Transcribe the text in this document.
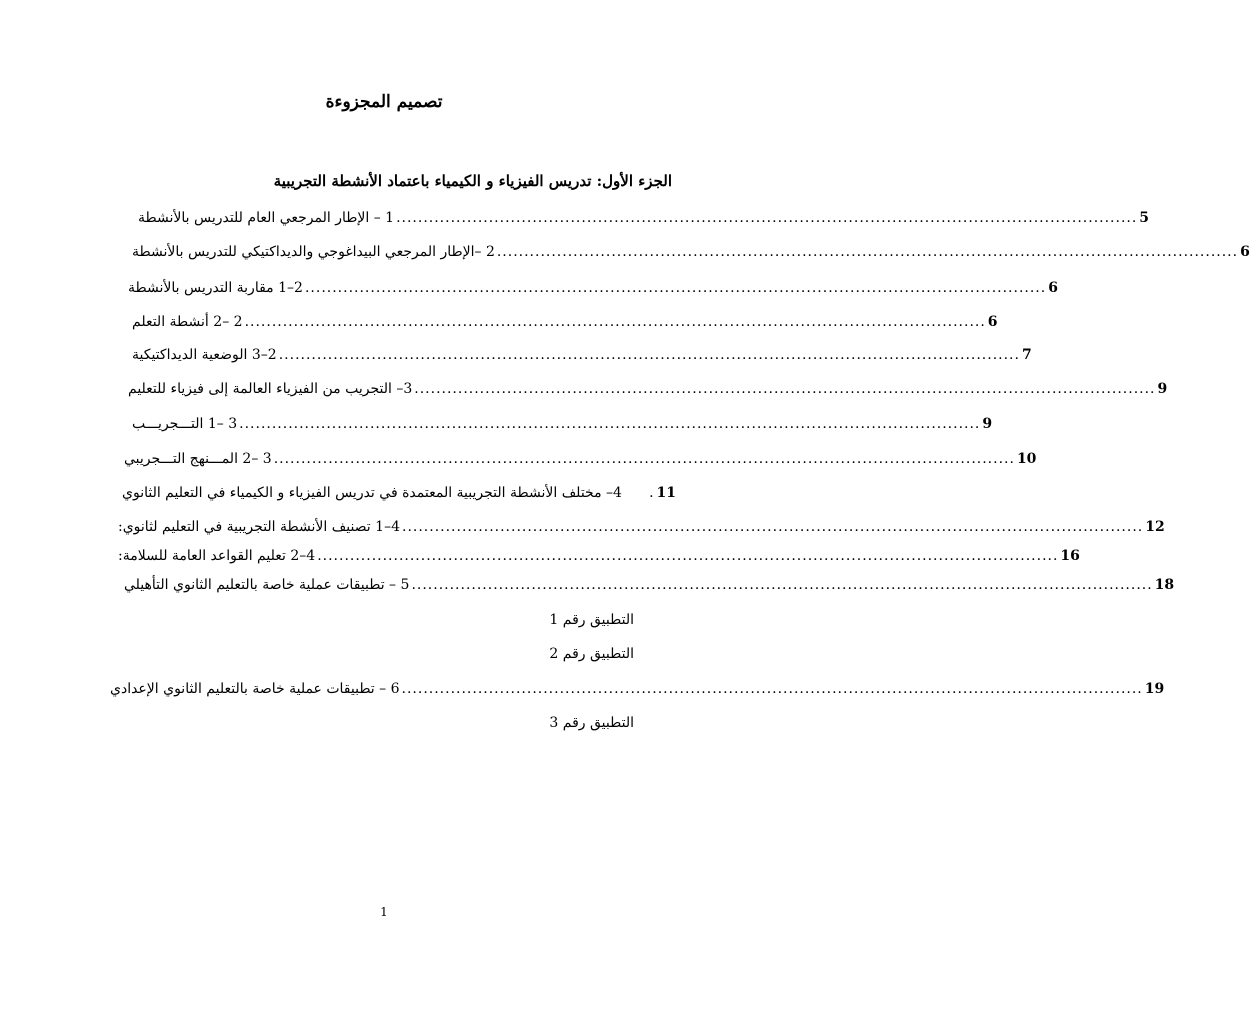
تصميم المجزوءة
الجزء الأول: تدريس الفيزياء و الكيمياء باعتماد الأنشطة التجريبية
1 – الإطار المرجعي العام للتدريس بالأنشطة ........................................................................................................................................ 5
2 –الإطار المرجعي البيداغوجي والديداكتيكي للتدريس بالأنشطة ........................................................................................................................................ 6
2–1 مقاربة التدريس بالأنشطة ........................................................................................................................................ 6
2 –2 أنشطة التعلم ........................................................................................................................................ 6
2–3 الوضعية الديداكتيكية ........................................................................................................................................ 7
3– التجريب من الفيزياء العالمة إلى فيزياء للتعليم ........................................................................................................................................ 9
3 –1 التـــجريـــب ........................................................................................................................................ 9
3 –2 المـــنهج التـــجريبي ........................................................................................................................................ 10
4– مختلف الأنشطة التجريبية المعتمدة في تدريس الفيزياء و الكيمياء في التعليم الثانوي	. 11
4–1 تصنيف الأنشطة التجريبية في التعليم لثانوي: ........................................................................................................................................ 12
4–2 تعليم القواعد العامة للسلامة: ........................................................................................................................................ 16
5 – تطبيقات عملية خاصة بالتعليم الثانوي التأهيلي ........................................................................................................................................ 18
التطبيق رقم 1
التطبيق رقم 2
6 – تطبيقات عملية خاصة بالتعليم الثانوي الإعدادي ........................................................................................................................................ 19
التطبيق رقم 3
1
